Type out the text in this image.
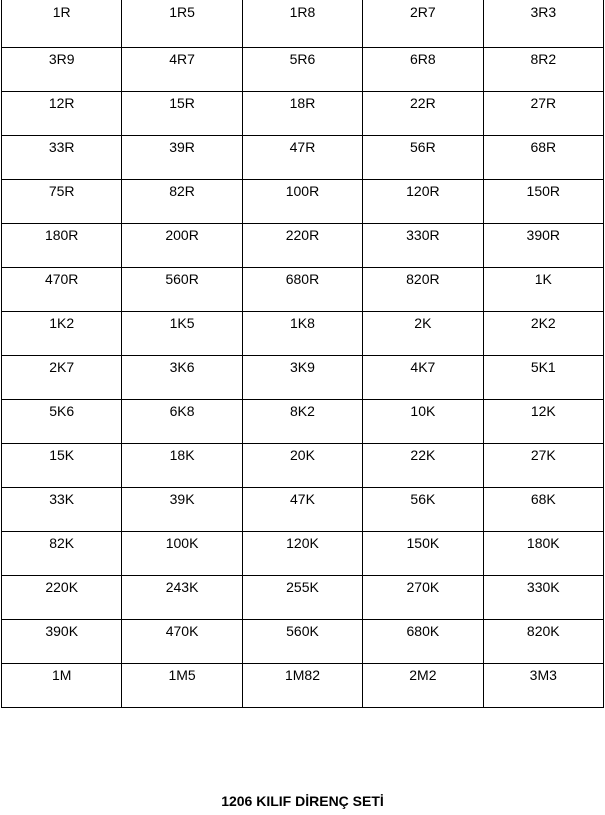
1R	1R5	1R8	2R7	3R3
3R9	4R7	5R6	6R8	8R2
12R	15R	18R	22R	27R
33R	39R	47R	56R	68R
75R	82R	100R	120R	150R
180R	200R	220R	330R	390R
470R	560R	680R	820R	1K
1K2	1K5	1K8	2K	2K2
2K7	3K6	3K9	4K7	5K1
5K6	6K8	8K2	10K	12K
15K	18K	20K	22K	27K
33K	39K	47K	56K	68K
82K	100K	120K	150K	180K
220K	243K	255K	270K	330K
390K	470K	560K	680K	820K
1M	1M5	1M82	2M2	3M3
1206 KILIF DİRENÇ SETİ
